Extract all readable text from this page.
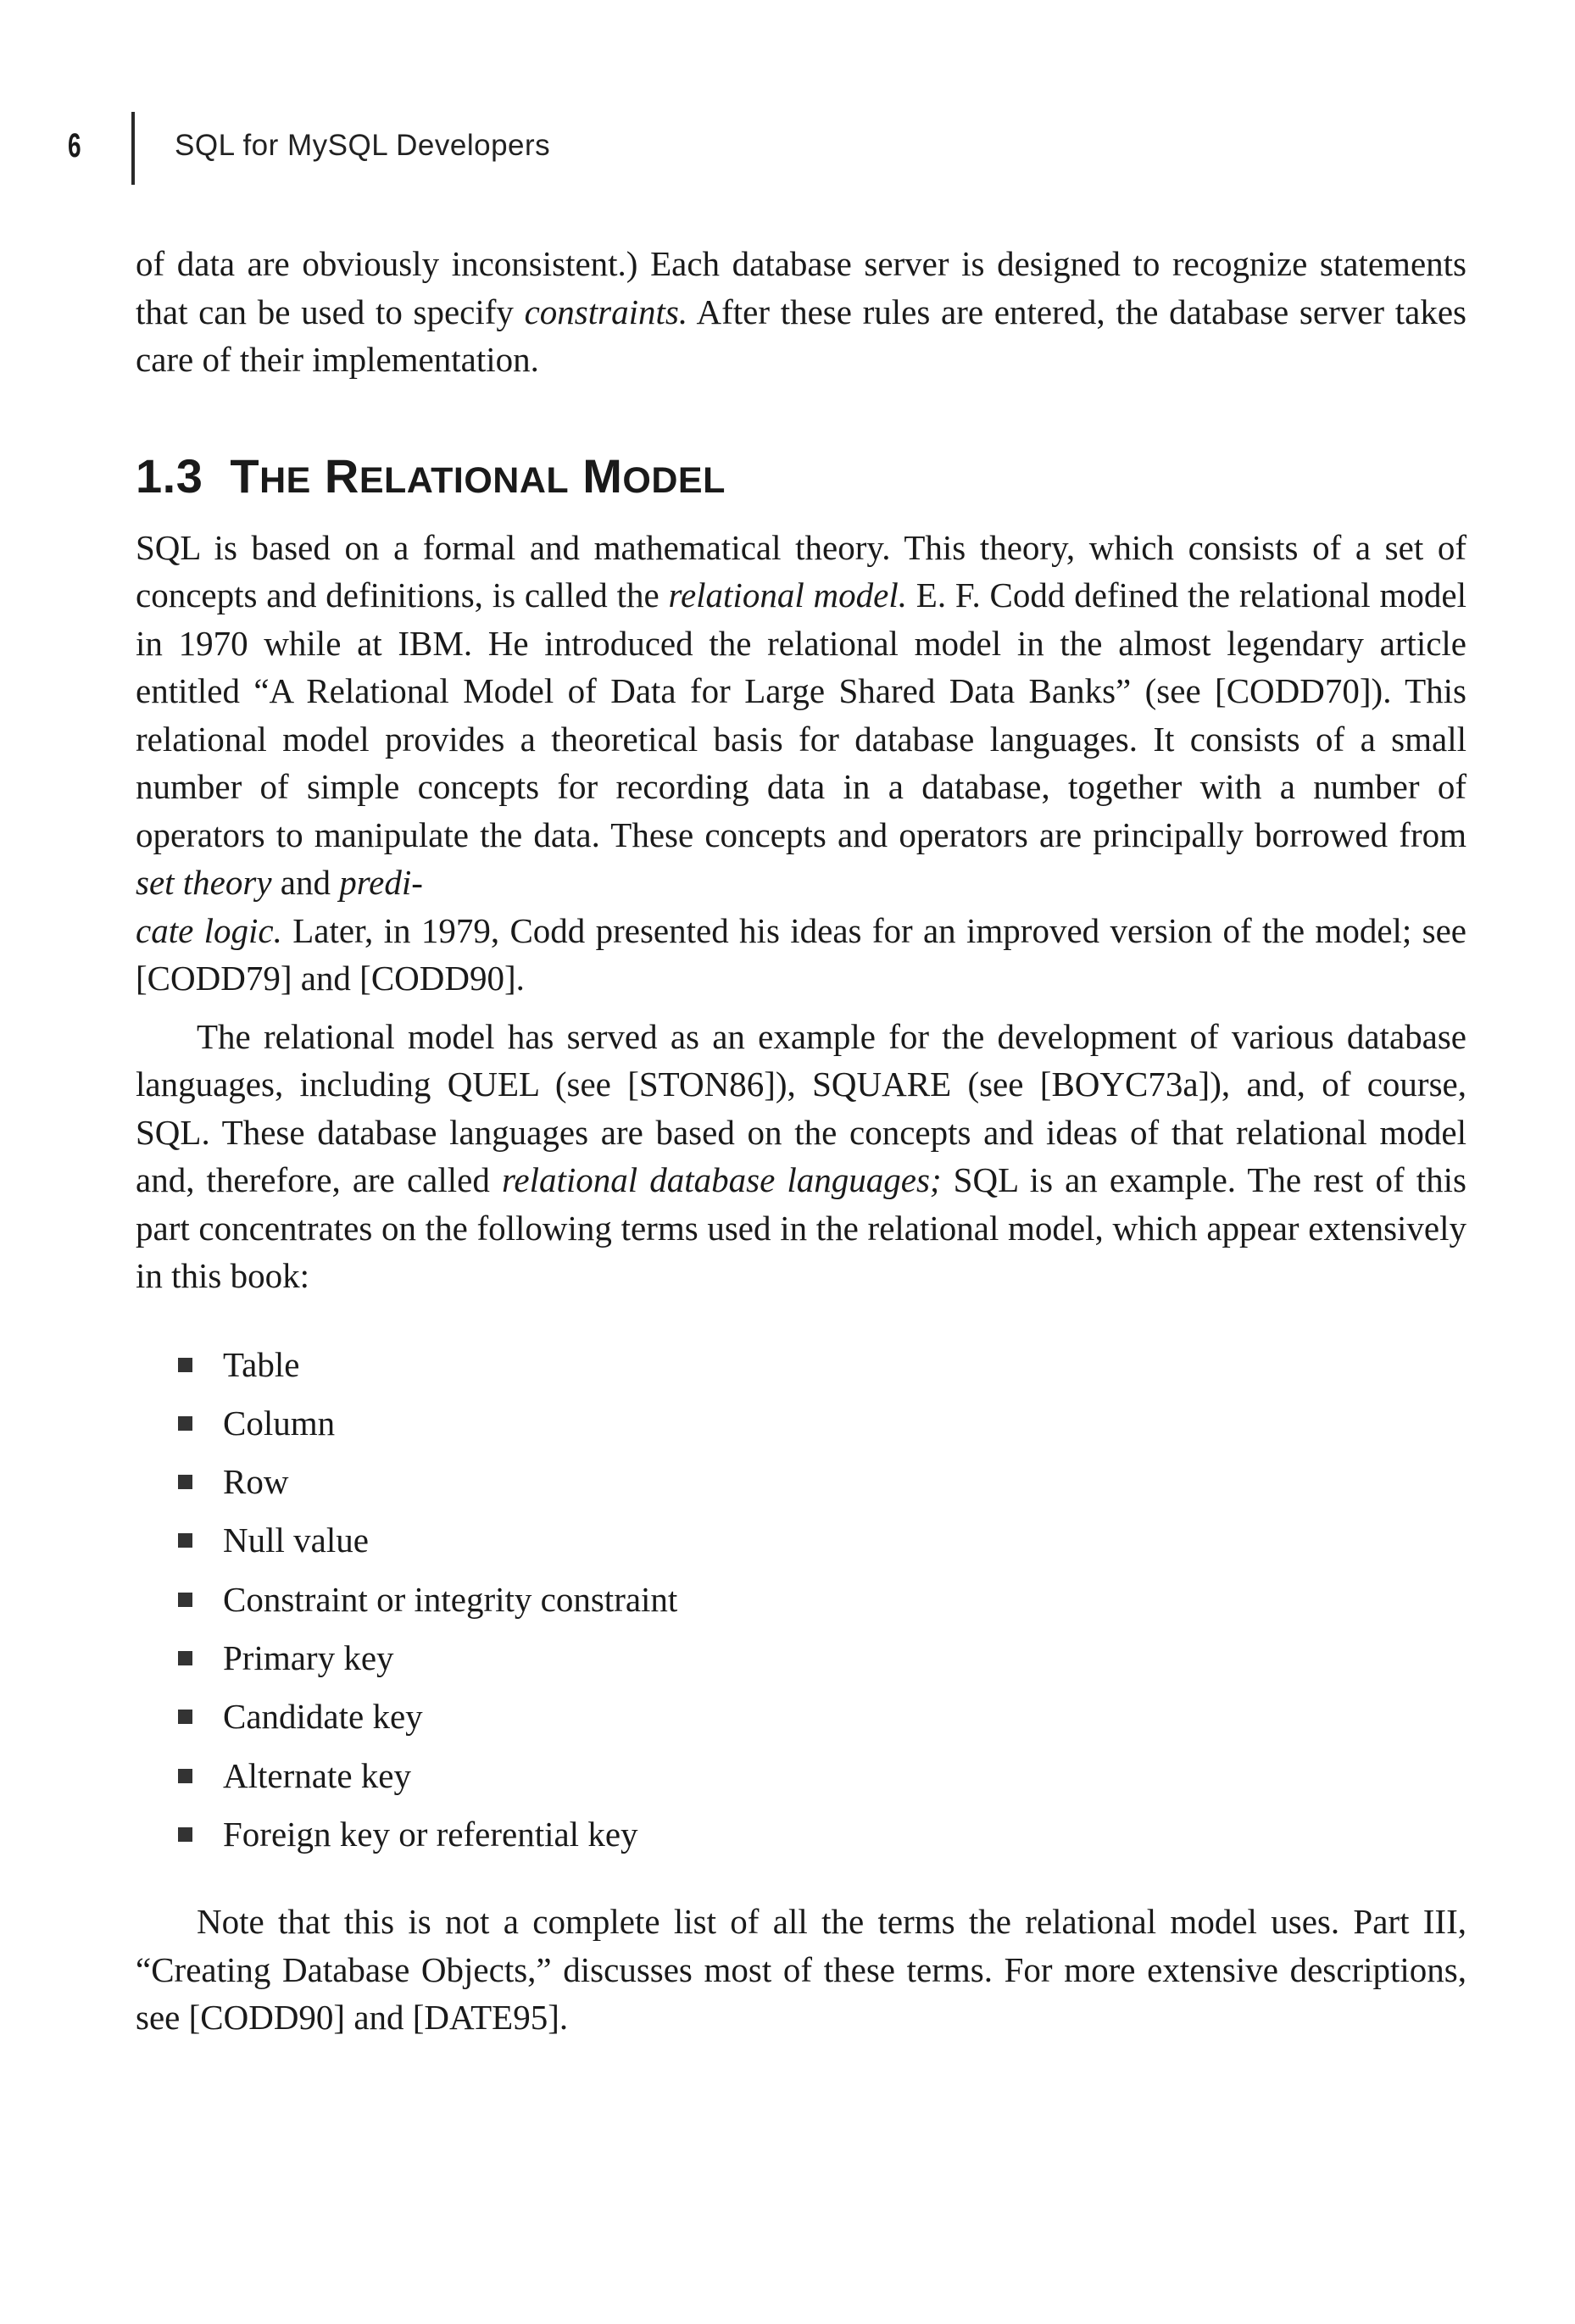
6	SQL for MySQL Developers

of data are obviously inconsistent.) Each database server is designed to recognize statements that can be used to specify constraints. After these rules are entered, the database server takes care of their implementation.

1.3 THE RELATIONAL MODEL

SQL is based on a formal and mathematical theory. This theory, which consists of a set of concepts and definitions, is called the relational model. E. F. Codd defined the relational model in 1970 while at IBM. He introduced the relational model in the almost legendary article entitled “A Relational Model of Data for Large Shared Data Banks” (see [CODD70]). This relational model provides a theoretical basis for database languages. It consists of a small number of simple concepts for recording data in a database, together with a number of operators to manipulate the data. These concepts and operators are principally borrowed from set theory and predi-
cate logic. Later, in 1979, Codd presented his ideas for an improved version of the model; see [CODD79] and [CODD90].

The relational model has served as an example for the development of various database languages, including QUEL (see [STON86]), SQUARE (see [BOYC73a]), and, of course, SQL. These database languages are based on the concepts and ideas of that relational model and, therefore, are called relational database languages; SQL is an example. The rest of this part concentrates on the following terms used in the relational model, which appear extensively in this book:

Table
Column
Row
Null value
Constraint or integrity constraint
Primary key
Candidate key
Alternate key
Foreign key or referential key

Note that this is not a complete list of all the terms the relational model uses. Part III, “Creating Database Objects,” discusses most of these terms. For more extensive descriptions, see [CODD90] and [DATE95].
